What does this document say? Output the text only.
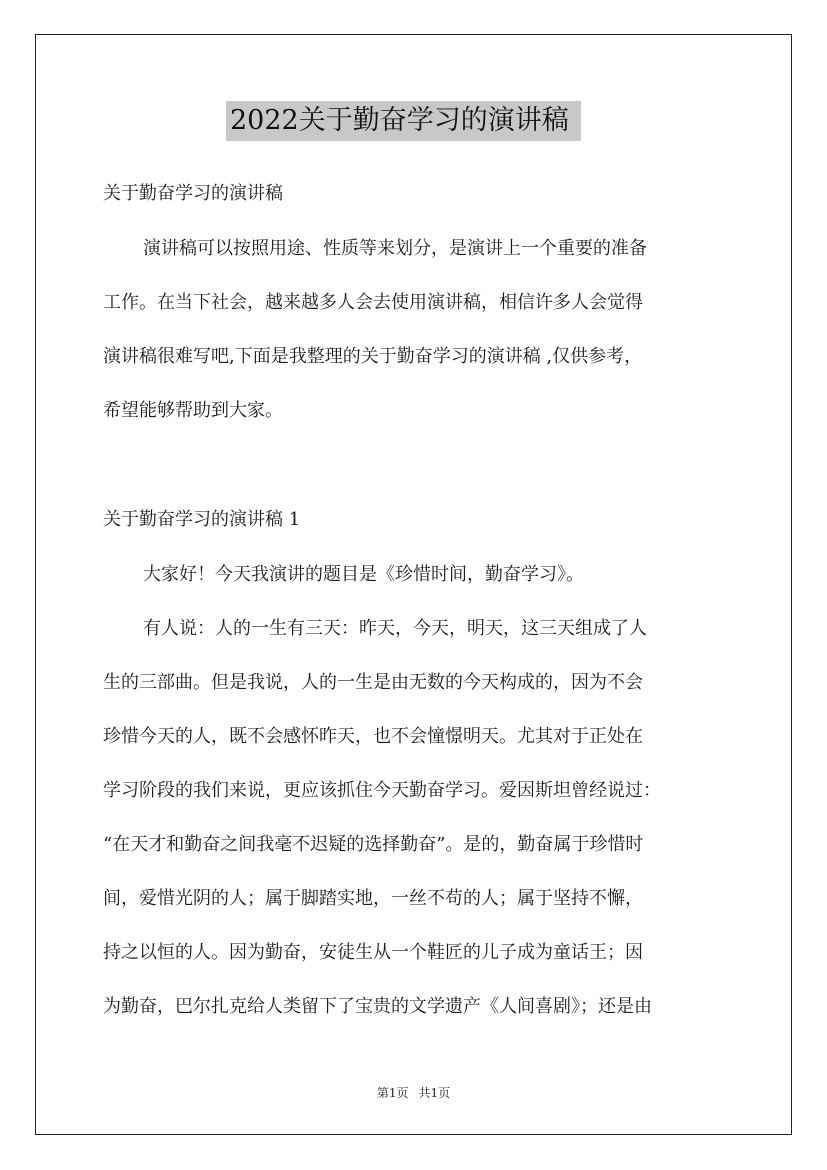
2022关于勤奋学习的演讲稿
关于勤奋学习的演讲稿
演讲稿可以按照用途、性质等来划分，是演讲上一个重要的准备
工作。在当下社会，越来越多人会去使用演讲稿，相信许多人会觉得
演讲稿很难写吧,下面是我整理的关于勤奋学习的演讲稿 ,仅供参考，
希望能够帮助到大家。
关于勤奋学习的演讲稿 1
大家好！今天我演讲的题目是《珍惜时间，勤奋学习》。
有人说：人的一生有三天：昨天，今天，明天，这三天组成了人
生的三部曲。但是我说，人的一生是由无数的今天构成的，因为不会
珍惜今天的人，既不会感怀昨天，也不会憧憬明天。尤其对于正处在
学习阶段的我们来说，更应该抓住今天勤奋学习。爱因斯坦曾经说过：
“在天才和勤奋之间我毫不迟疑的选择勤奋”。是的，勤奋属于珍惜时
间，爱惜光阴的人；属于脚踏实地，一丝不苟的人；属于坚持不懈，
持之以恒的人。因为勤奋，安徒生从一个鞋匠的儿子成为童话王；因
为勤奋，巴尔扎克给人类留下了宝贵的文学遗产《人间喜剧》；还是由
第1页 共1页
